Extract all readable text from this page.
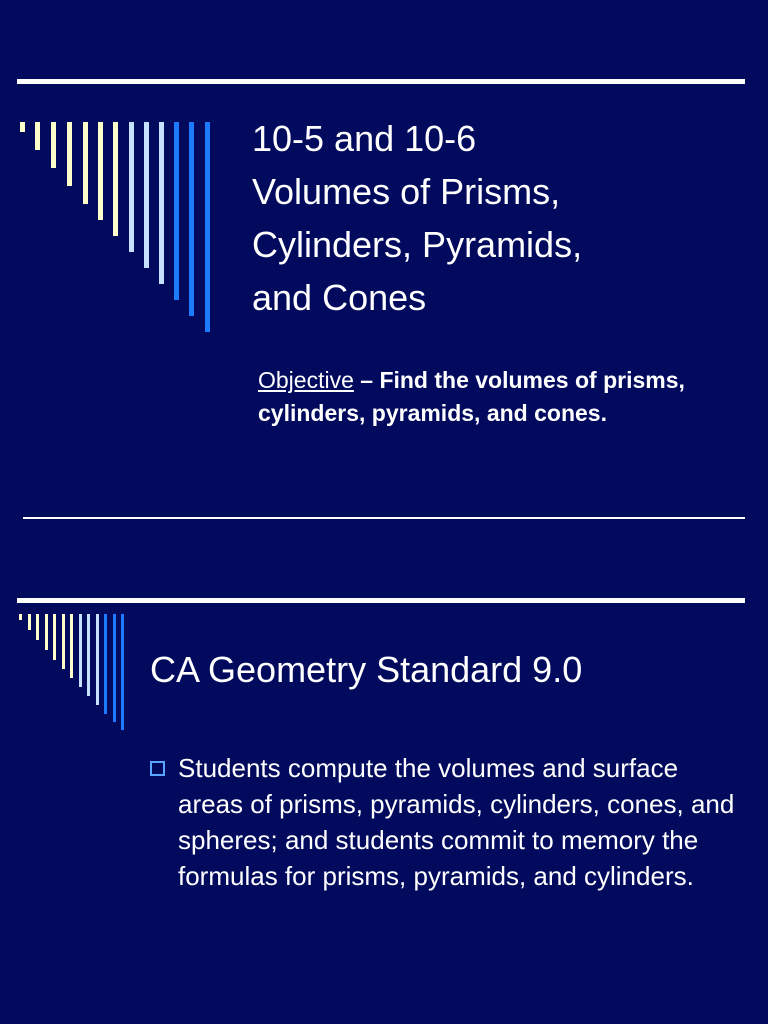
10-5 and 10-6
Volumes of Prisms,
Cylinders, Pyramids,
and Cones
Objective – Find the volumes of prisms, cylinders, pyramids, and cones.
CA Geometry Standard 9.0
Students compute the volumes and surface areas of prisms, pyramids, cylinders, cones, and spheres; and students commit to memory the formulas for prisms, pyramids, and cylinders.
